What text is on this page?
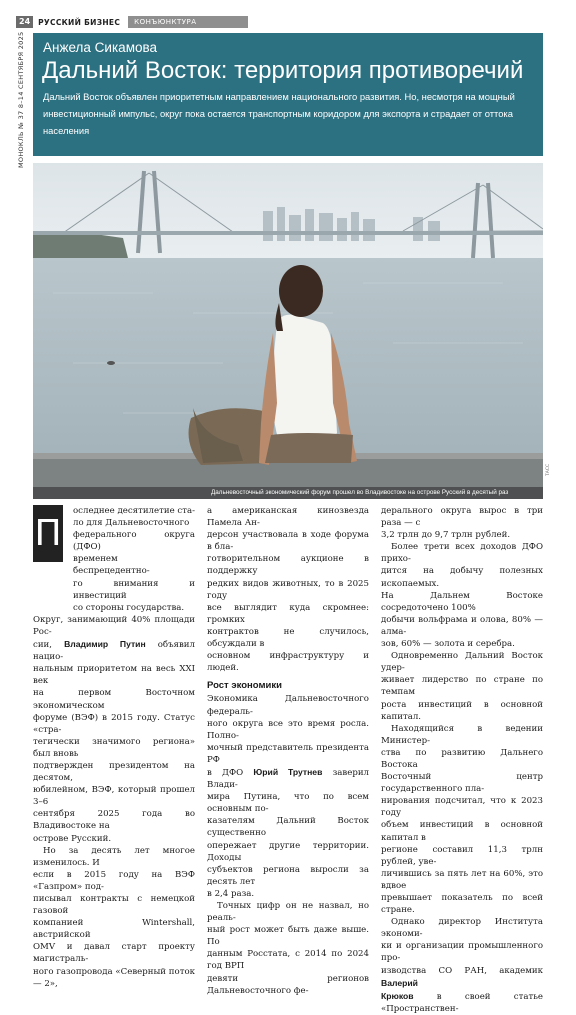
24	РУССКИЙ БИЗНЕС	КОНЪЮНКТУРА
МОНОКЛЬ № 37 8–14 СЕНТЯБРЯ 2025 Анжела Сикамова
Дальний Восток: территория противоречий
Дальний Восток объявлен приоритетным направлением национального развития. Но, несмотря на мощный
инвестиционный импульс, округ пока остается транспортным коридором для экспорта и страдает от оттока
населения
Дальневосточный экономический форум прошел во Владивостоке на острове Русский в десятый раз
ТАСС
П
оследнее десятилетие ста-
ло для Дальневосточного
федерального округа (ДФО)
временем беспрецедентно-
го внимания и инвестиций
со стороны государства.
Округ, занимающий 40% площади Рос-
сии, Владимир Путин объявил нацио-
нальным приоритетом на весь XXI век
на первом Восточном экономическом
форуме (ВЭФ) в 2015 году. Статус «стра-
тегически значимого региона» был вновь
подтвержден президентом на десятом,
юбилейном, ВЭФ, который прошел 3–6
сентября 2025 года во Владивостоке на
острове Русский.
Но за десять лет многое изменилось. И
если в 2015 году на ВЭФ «Газпром» под-
писывал контракты с немецкой газовой
компанией Wintershall, австрийской
OMV и давал старт проекту магистраль-
ного газопровода «Северный поток — 2»,
а американская кинозвезда Памела Ан-
дерсон участвовала в ходе форума в бла-
готворительном аукционе в поддержку
редких видов животных, то в 2025 году
все выглядит куда скромнее: громких
контрактов не случилось, обсуждали в
основном инфраструктуру и людей.
Рост экономики
Экономика Дальневосточного федераль-
ного округа все это время росла. Полно-
мочный представитель президента РФ
в ДФО Юрий Трутнев заверил Влади-
мира Путина, что по всем основным по-
казателям Дальний Восток существенно
опережает другие территории. Доходы
субъектов региона выросли за десять лет
в 2,4 раза.
Точных цифр он не назвал, но реаль-
ный рост может быть даже выше. По
данным Росстата, с 2014 по 2024 год ВРП
девяти регионов Дальневосточного фе-
дерального округа вырос в три раза — с
3,2 трлн до 9,7 трлн рублей.
Более трети всех доходов ДФО прихо-
дится на добычу полезных ископаемых.
На Дальнем Востоке сосредоточено 100%
добычи вольфрама и олова, 80% — алма-
зов, 60% — золота и серебра.
Одновременно Дальний Восток удер-
живает лидерство по стране по темпам
роста инвестиций в основной капитал.
Находящийся в ведении Министер-
ства по развитию Дальнего Востока
Восточный центр государственного пла-
нирования подсчитал, что к 2023 году
объем инвестиций в основной капитал в
регионе составил 11,3 трлн рублей, уве-
личившись за пять лет на 60%, это вдвое
превышает показатель по всей стране.
Однако директор Института экономи-
ки и организации промышленного про-
изводства СО РАН, академик Валерий
Крюков в своей статье «Пространствен-
